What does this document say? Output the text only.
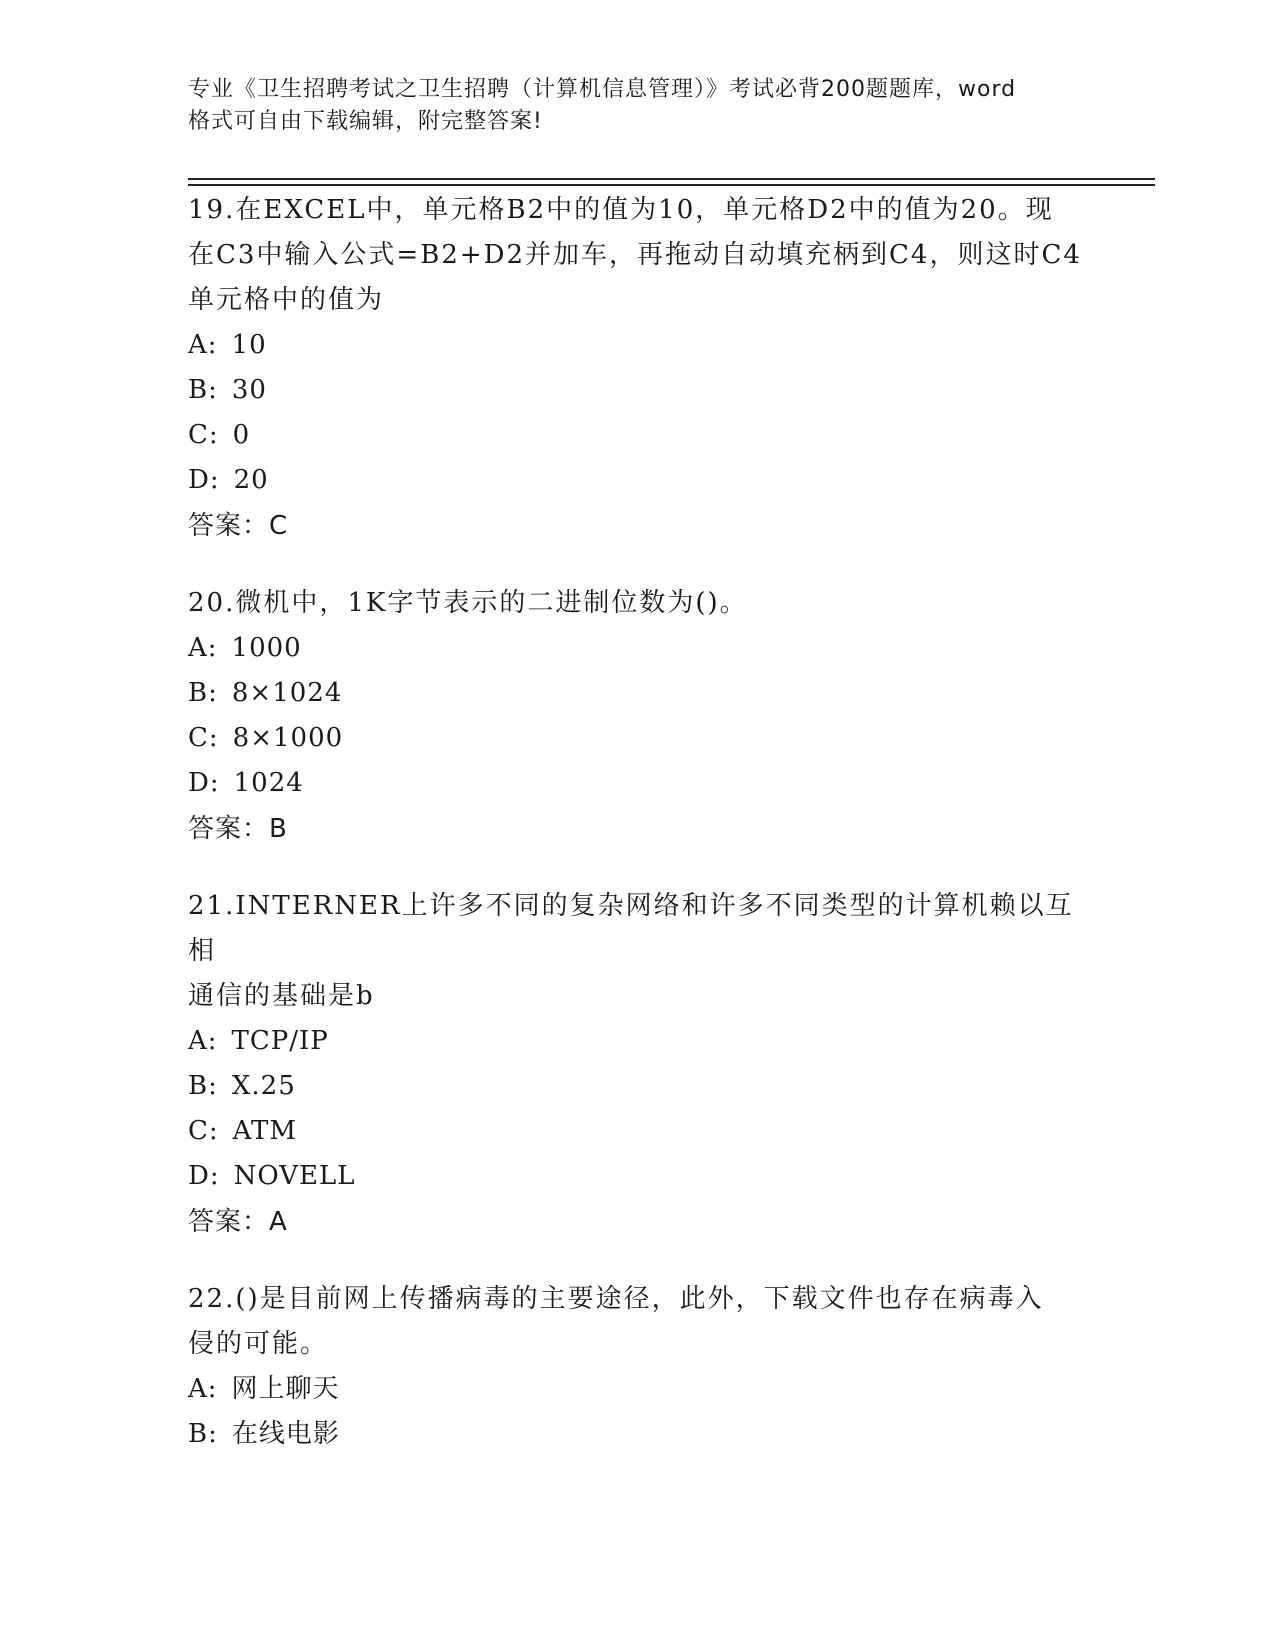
专业《卫生招聘考试之卫生招聘（计算机信息管理）》考试必背200题题库，word
格式可自由下载编辑，附完整答案!
19.在EXCEL中，单元格B2中的值为10，单元格D2中的值为20。现
在C3中输入公式=B2+D2并加车，再拖动自动填充柄到C4，则这时C4
单元格中的值为
A: 10
B: 30
C: 0
D: 20
答案：C
20.微机中，1K字节表示的二进制位数为()。
A: 1000
B: 8×1024
C: 8×1000
D: 1024
答案：B
21.INTERNER上许多不同的复杂网络和许多不同类型的计算机赖以互相
通信的基础是b
A: TCP/IP
B: X.25
C: ATM
D: NOVELL
答案：A
22.()是目前网上传播病毒的主要途径，此外，下载文件也存在病毒入
侵的可能。
A: 网上聊天
B: 在线电影
